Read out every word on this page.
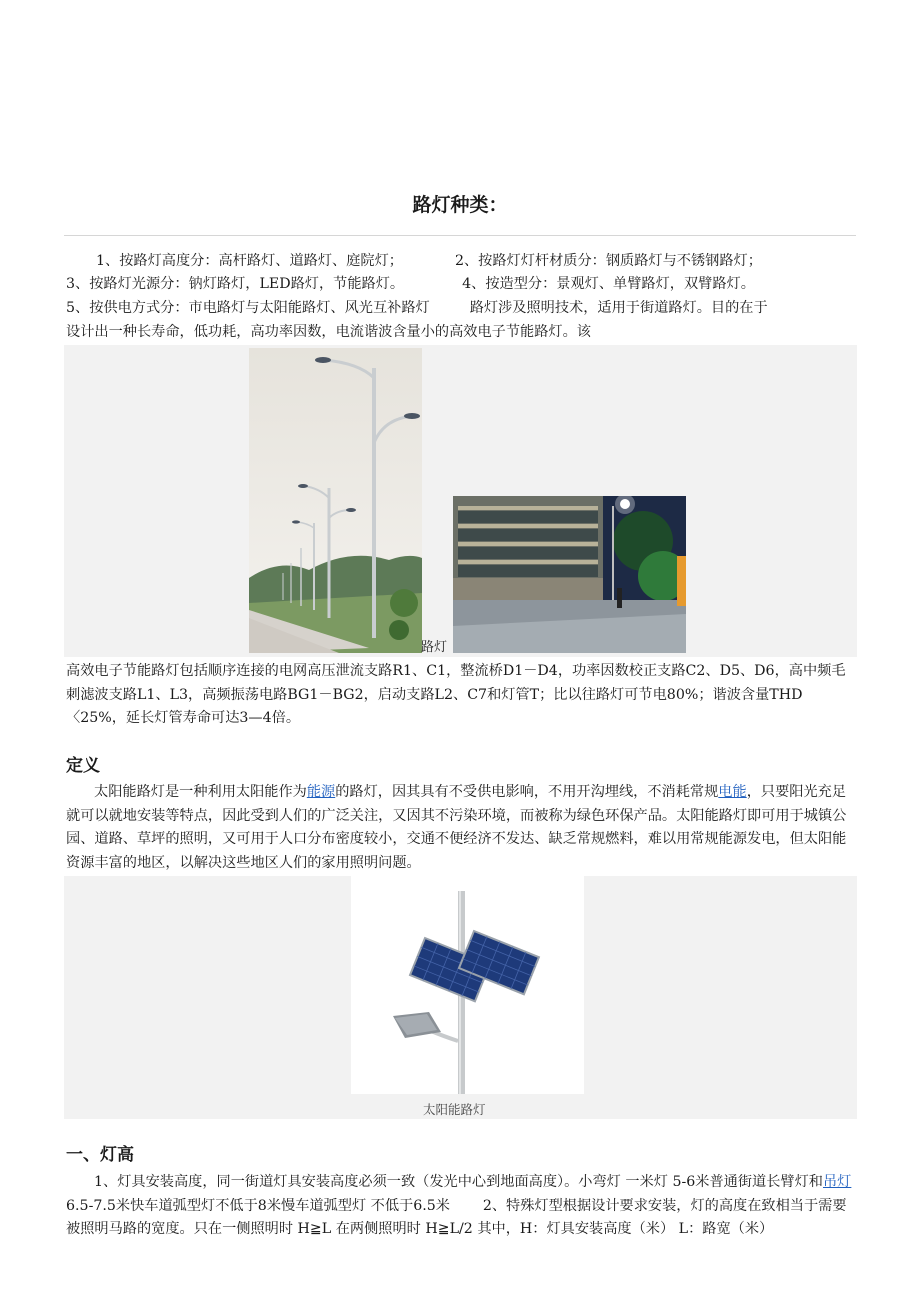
路灯种类：
1、按路灯高度分：高杆路灯、道路灯、庭院灯；	2、按路灯灯杆材质分：钢质路灯与不锈钢路灯；
3、按路灯光源分：钠灯路灯，LED路灯，节能路灯。	4、按造型分：景观灯、单臂路灯，双臂路灯。
5、按供电方式分：市电路灯与太阳能路灯、风光互补路灯	路灯涉及照明技术，适用于街道路灯。目的在于
设计出一种长寿命，低功耗，高功率因数，电流谐波含量小的高效电子节能路灯。该
路灯
高效电子节能路灯包括顺序连接的电网高压泄流支路R1、C1，整流桥D1－D4，功率因数校正支路C2、D5、D6，高中频毛刺滤波支路L1、L3，高频振荡电路BG1－BG2，启动支路L2、C7和灯管T；比以往路灯可节电80%；谐波含量THD〈25%，延长灯管寿命可达3—4倍。
定义
太阳能路灯是一种利用太阳能作为能源的路灯，因其具有不受供电影响，不用开沟埋线，不消耗常规电能，只要阳光充足就可以就地安装等特点，因此受到人们的广泛关注，又因其不污染环境，而被称为绿色环保产品。太阳能路灯即可用于城镇公园、道路、草坪的照明，又可用于人口分布密度较小，交通不便经济不发达、缺乏常规燃料，难以用常规能源发电，但太阳能资源丰富的地区，以解决这些地区人们的家用照明问题。
太阳能路灯
一、灯高
1、灯具安装高度，同一街道灯具安装高度必须一致（发光中心到地面高度）。小弯灯 一米灯 5-6米普通街道长臂灯和吊灯 6.5-7.5米快车道弧型灯不低于8米慢车道弧型灯 不低于6.5米　　 2、特殊灯型根据设计要求安装，灯的高度在致相当于需要被照明马路的宽度。只在一侧照明时 H≧L 在两侧照明时 H≧L/2 其中，H：灯具安装高度（米） L：路宽（米）
